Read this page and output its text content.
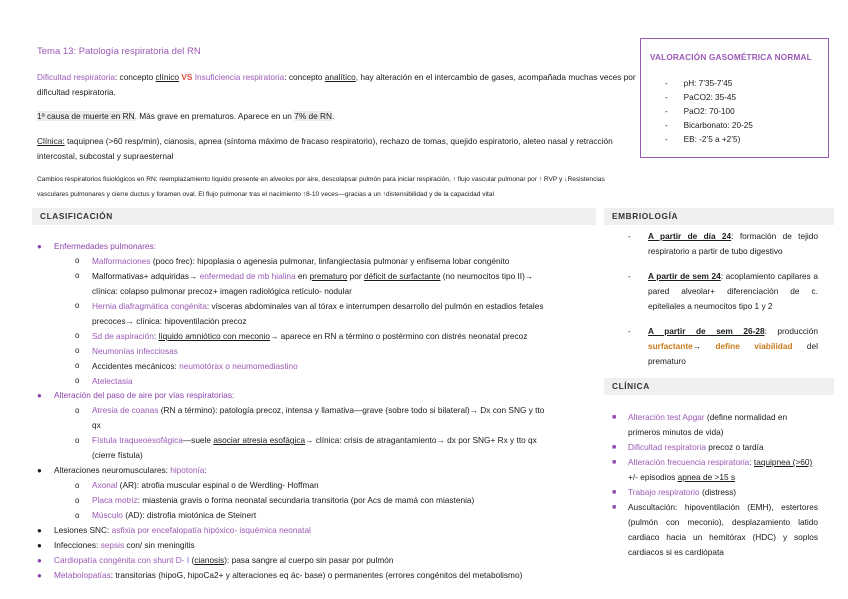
Tema 13: Patología respiratoria del RN
Dificultad respiratoria: concepto clínico VS Insuficiencia respiratoria: concepto analítico, hay alteración en el intercambio de gases, acompañada muchas veces por dificultad respiratoria.
1ª causa de muerte en RN. Más grave en prematuros. Aparece en un 7% de RN.
Clínica: taquipnea (>60 resp/min), cianosis, apnea (síntoma máximo de fracaso respiratorio), rechazo de tomas, quejido espiratorio, aleteo nasal y retracción intercostal, subcostal y supraesternal
Cambios respiratorios fisiológicos en RN: reemplazamiento líquido presente en alveolos por aire, descolapsar pulmón para iniciar respiración, ↑ flujo vascular pulmonar por ↑ RVP y ↓Resistencias vasculares pulmonares y cierre ductus y foramen oval. El flujo pulmonar tras el nacimiento ↑8-10 veces—gracias a un ↑distensibilidad y de la capacidad vital
VALORACIÓN GASOMÉTRICA NORMAL
-       pH: 7’35-7’45
-       PaCO2: 35-45
-       PaO2: 70-100
-       Bicarbonato: 20-25
-       EB: -2’5 a +2’5)
CLASIFICACIÓN	EMBRIOLOGÍA
CLÍNICA
● Enfermedades pulmonares:
o Malformaciones (poco frec): hipoplasia o agenesia pulmonar, linfangiectasia pulmonar y enfisema lobar congénito
o Malformativas+ adquiridas→ enfermedad de mb hialina en prematuro por déficit de surfactante (no neumocitos tipo II)→
clínica: colapso pulmonar precoz+ imagen radiológica retículo- nodular
o Hernia diafragmática congénita: vísceras abdominales van al tórax e interrumpen desarrollo del pulmón en estadios fetales
precoces→ clínica: hipoventilación precoz
o Sd de aspiración: líquido amniótico con meconio→ aparece en RN a término o postérmino con distrés neonatal precoz
o Neumonías infecciosas
o Accidentes mecánicos: neumotórax o neumomediastino
o Atelectasia
● Alteración del paso de aire por vías respiratorias:
o Atresia de coanas (RN a término): patología precoz, intensa y llamativa—grave (sobre todo si bilateral)→ Dx con SNG y tto
qx
o Fístula traqueoesofágica—suele asociar atresia esofágica→ clínica: crisis de atragantamiento→ dx por SNG+ Rx y tto qx
(cierre fístula)
● Alteraciones neuromusculares: hipotonía:
o Axonal (AR): atrofia muscular espinal o de Werdling- Hoffman
o Placa motriz: miastenia gravis o forma neonatal secundaria transitoria (por Acs de mamá con miastenia)
o Músculo (AD): distrofia miotónica de Steinert
● Lesiones SNC: asfixia por encefalopatía hipóxico- isquémica neonatal
● Infecciones: sepsis con/ sin meningitis
● Cardiopatía congénita con shunt D- I (cianosis): pasa sangre al cuerpo sin pasar por pulmón
● Metabolopatías: transitorias (hipoG, hipoCa2+ y alteraciones eq ác- base) o permanentes (errores congénitos del metabolismo)
- A partir de día 24: formación de tejido respiratorio a partir de tubo digestivo
- A partir de sem 24: acoplamiento capilares a pared alveolar+ diferenciación de c. epiteliales a neumocitos tipo 1 y 2
- A partir de sem 26-28: producción surfactante→ define viabilidad del prematuro
■ Alteración test Apgar (define normalidad en primeros minutos de vida)
■ Dificultad respiratoria precoz o tardía
■ Alteración frecuencia respiratoria: taquipnea (>60) +/- episodios apnea de >15 s
■ Trabajo respiratorio (distress)
■ Auscultación: hipoventilación (EMH), estertores (pulmón con meconio), desplazamiento latido cardiaco hacia un hemitórax (HDC) y soplos cardiacos si es cardiópata
